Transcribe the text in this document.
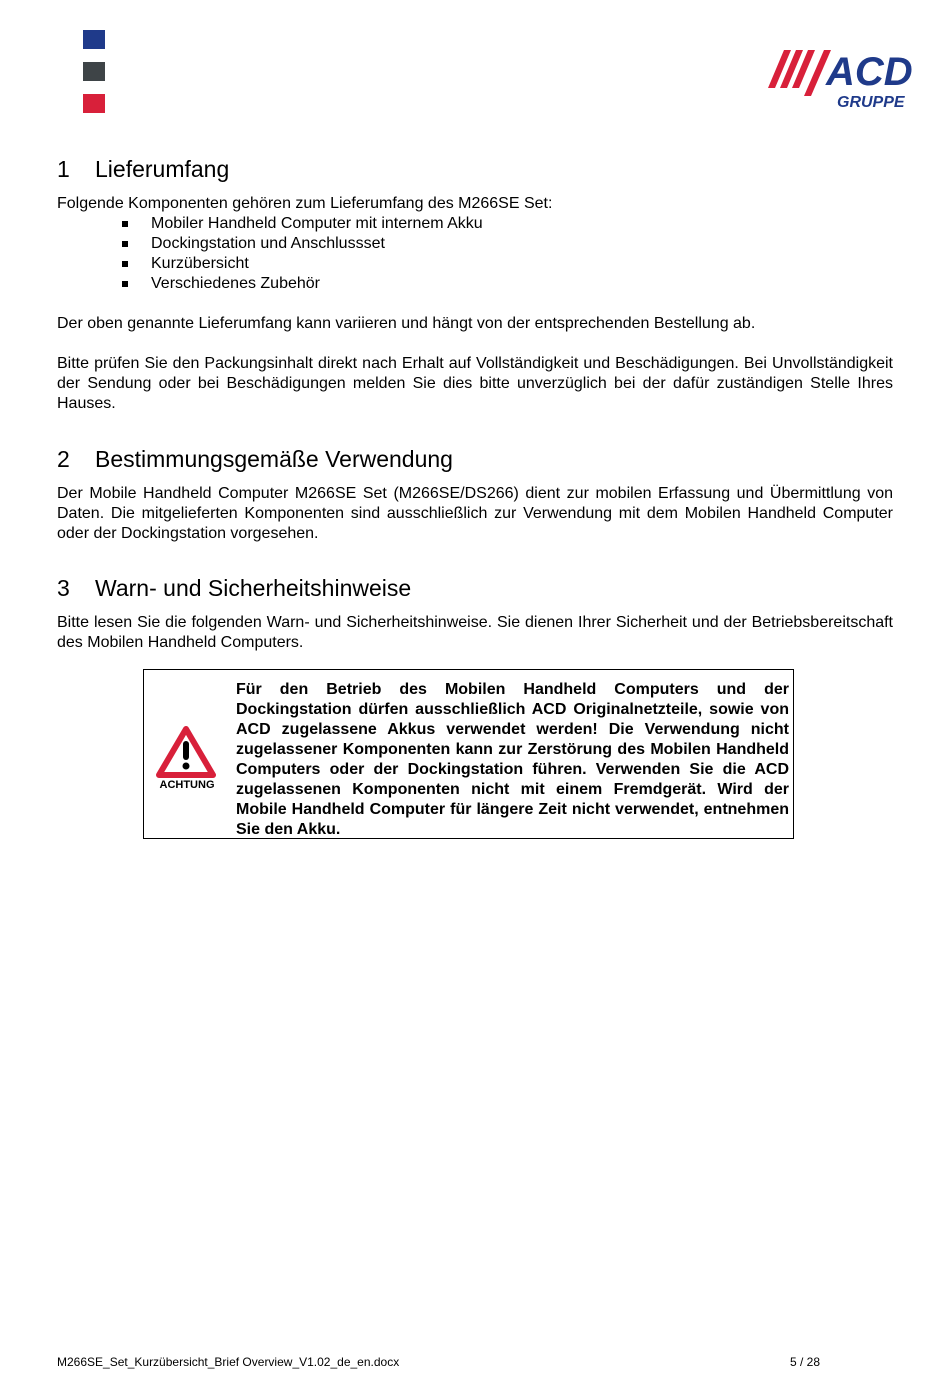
ACD
GRUPPE
1 Lieferumfang

Folgende Komponenten gehören zum Lieferumfang des M266SE Set:

Mobiler Handheld Computer mit internem Akku
Dockingstation und Anschlussset
Kurzübersicht
Verschiedenes Zubehör

Der oben genannte Lieferumfang kann variieren und hängt von der entsprechenden Bestellung ab.

Bitte prüfen Sie den Packungsinhalt direkt nach Erhalt auf Vollständigkeit und Beschädigungen. Bei Unvollständigkeit der Sendung oder bei Beschädigungen melden Sie dies bitte unverzüglich bei der dafür zuständigen Stelle Ihres Hauses.

2 Bestimmungsgemäße Verwendung

Der Mobile Handheld Computer M266SE Set (M266SE/DS266) dient zur mobilen Erfassung und Übermittlung von Daten. Die mitgelieferten Komponenten sind ausschließlich zur Verwendung mit dem Mobilen Handheld Computer oder der Dockingstation vorgesehen.

3 Warn- und Sicherheitshinweise

Bitte lesen Sie die folgenden Warn- und Sicherheitshinweise. Sie dienen Ihrer Sicherheit und der Betriebsbereitschaft des Mobilen Handheld Computers.

ACHTUNG

Für den Betrieb des Mobilen Handheld Computers und der Dockingstation dürfen ausschließlich ACD Originalnetzteile, sowie von ACD zugelassene Akkus verwendet werden! Die Verwendung nicht zugelassener Komponenten kann zur Zerstörung des Mobilen Handheld Computers oder der Dockingstation führen. Verwenden Sie die ACD zugelassenen Komponenten nicht mit einem Fremdgerät. Wird der Mobile Handheld Computer für längere Zeit nicht verwendet, entnehmen Sie den Akku.

M266SE_Set_Kurzübersicht_Brief Overview_V1.02_de_en.docx	5 / 28
